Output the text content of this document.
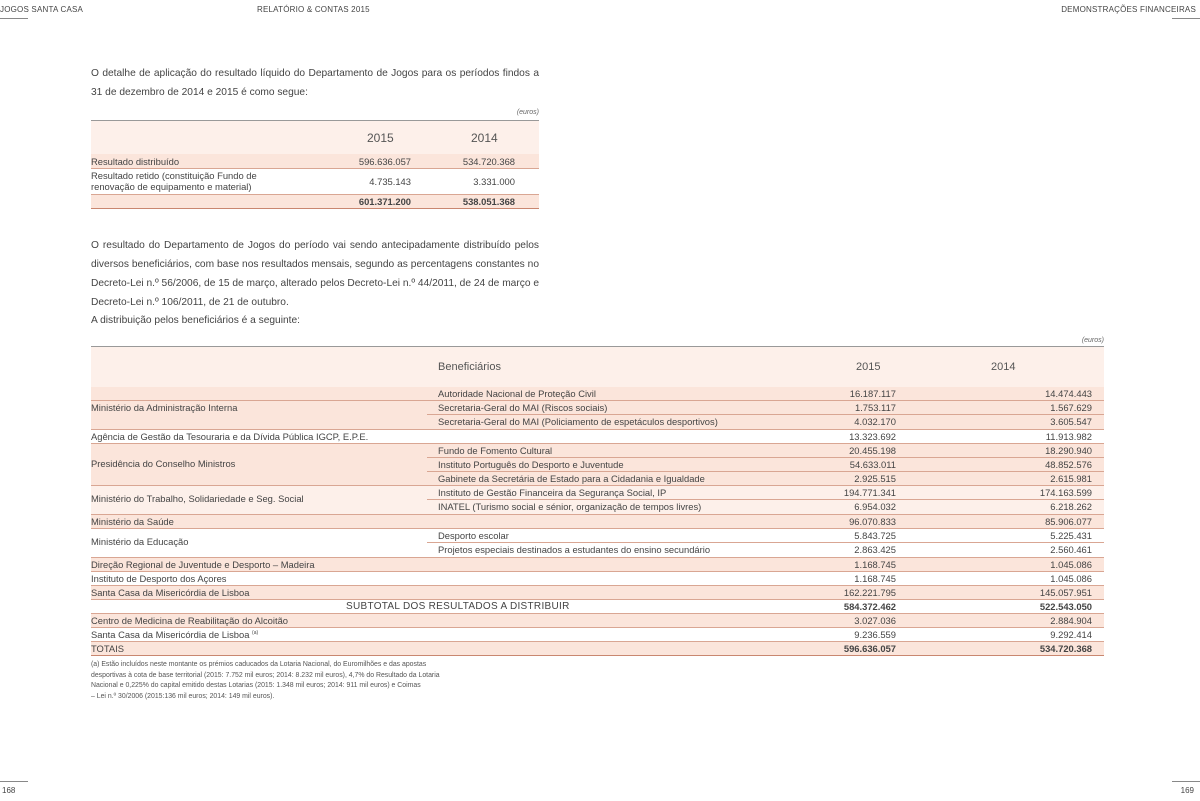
JOGOS SANTA CASA	RELATÓRIO & CONTAS 2015	DEMONSTRAÇÕES FINANCEIRAS
O detalhe de aplicação do resultado líquido do Departamento de Jogos para os períodos findos a 31 de dezembro de 2014 e 2015 é como segue:
(euros)
2015	2014
Resultado distribuído	596.636.057	534.720.368
Resultado retido (constituição Fundo de renovação de equipamento e material)	4.735.143	3.331.000
601.371.200	538.051.368
O resultado do Departamento de Jogos do período vai sendo antecipadamente distribuído pelos diversos beneficiários, com base nos resultados mensais, segundo as percentagens constantes no Decreto-Lei n.º 56/2006, de 15 de março, alterado pelos Decreto-Lei n.º 44/2011, de 24 de março e Decreto-Lei n.º 106/2011, de 21 de outubro.
A distribuição pelos beneficiários é a seguinte:
(euros)
Beneficiários	2015	2014
Ministério da Administração Interna
Autoridade Nacional de Proteção Civil	16.187.117	14.474.443
Secretaria-Geral do MAI (Riscos sociais)	1.753.117	1.567.629
Secretaria-Geral do MAI (Policiamento de espetáculos desportivos)	4.032.170	3.605.547
Agência de Gestão da Tesouraria e da Dívida Pública IGCP, E.P.E.	13.323.692	11.913.982
Presidência do Conselho Ministros
Fundo de Fomento Cultural	20.455.198	18.290.940
Instituto Português do Desporto e Juventude	54.633.011	48.852.576
Gabinete da Secretária de Estado para a Cidadania e Igualdade	2.925.515	2.615.981
Ministério do Trabalho, Solidariedade e Seg. Social
Instituto de Gestão Financeira da Segurança Social, IP	194.771.341	174.163.599
INATEL (Turismo social e sénior, organização de tempos livres)	6.954.032	6.218.262
Ministério da Saúde	96.070.833	85.906.077
Ministério da Educação
Desporto escolar	5.843.725	5.225.431
Projetos especiais destinados a estudantes do ensino secundário	2.863.425	2.560.461
Direção Regional de Juventude e Desporto – Madeira	1.168.745	1.045.086
Instituto de Desporto dos Açores	1.168.745	1.045.086
Santa Casa da Misericórdia de Lisboa	162.221.795	145.057.951
SUBTOTAL DOS RESULTADOS A DISTRIBUIR	584.372.462	522.543.050
Centro de Medicina de Reabilitação do Alcoitão	3.027.036	2.884.904
Santa Casa da Misericórdia de Lisboa $^{(a)}$	9.236.559	9.292.414
TOTAIS	596.636.057	534.720.368
(a) Estão incluídos neste montante os prémios caducados da Lotaria Nacional, do Euromilhões e das apostas
desportivas à cota de base territorial (2015: 7.752 mil euros; 2014: 8.232 mil euros), 4,7% do Resultado da Lotaria
Nacional e 0,225% do capital emitido destas Lotarias (2015: 1.348 mil euros; 2014: 911 mil euros) e Coimas
– Lei n.º 30/2006 (2015:136 mil euros; 2014: 149 mil euros).
168	169
